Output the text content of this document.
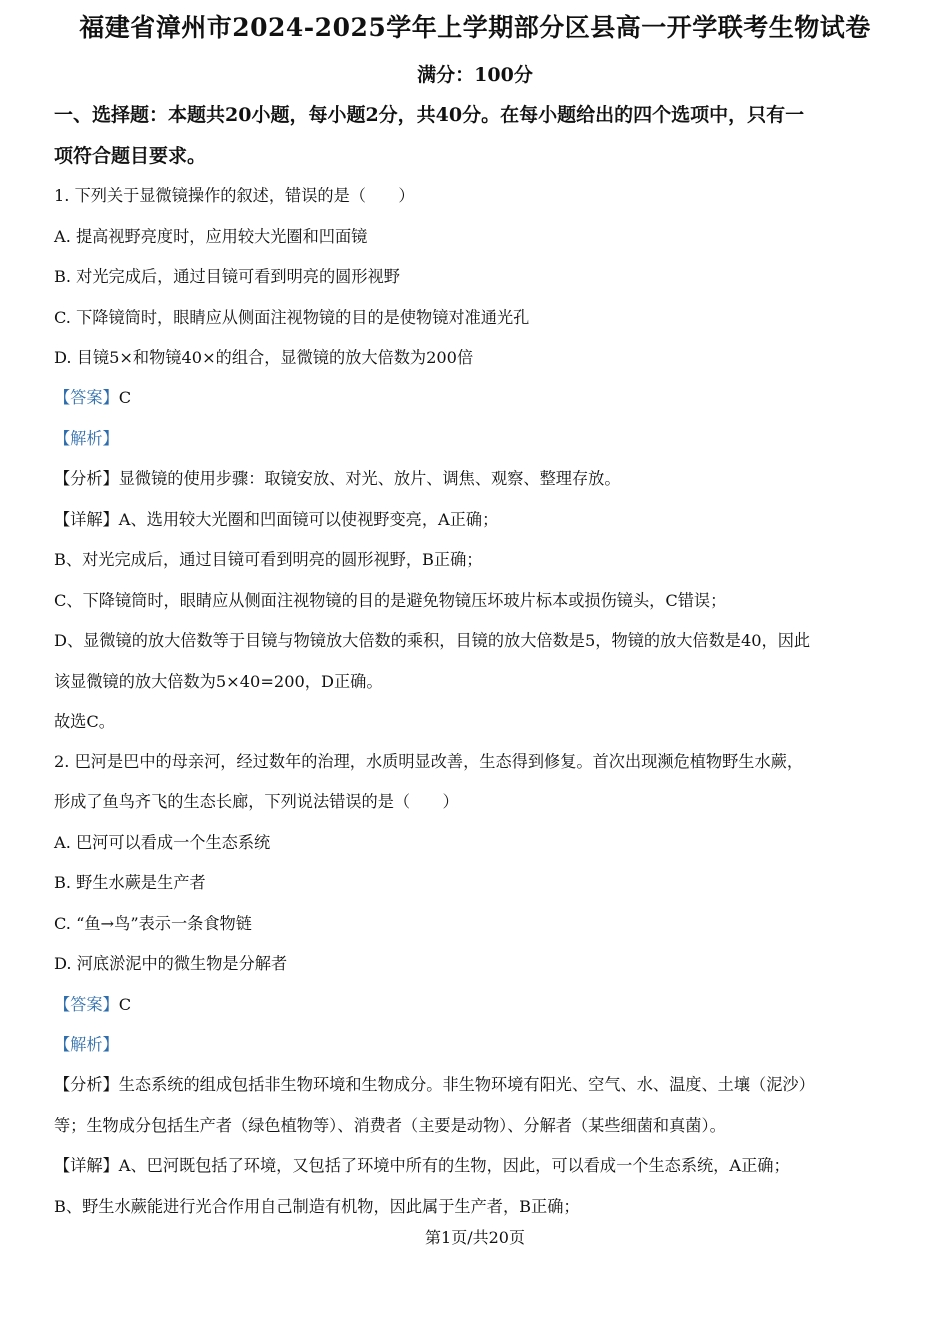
福建省漳州市2024-2025学年上学期部分区县高一开学联考生物试卷
满分：100分
一、选择题：本题共20小题，每小题2分，共40分。在每小题给出的四个选项中，只有一
项符合题目要求。
1. 下列关于显微镜操作的叙述，错误的是（　　）
A. 提高视野亮度时，应用较大光圈和凹面镜
B. 对光完成后，通过目镜可看到明亮的圆形视野
C. 下降镜筒时，眼睛应从侧面注视物镜的目的是使物镜对准通光孔
D. 目镜5×和物镜40×的组合，显微镜的放大倍数为200倍
【答案】C
【解析】
【分析】显微镜的使用步骤：取镜安放、对光、放片、调焦、观察、整理存放。
【详解】A、选用较大光圈和凹面镜可以使视野变亮，A正确；
B、对光完成后，通过目镜可看到明亮的圆形视野，B正确；
C、下降镜筒时，眼睛应从侧面注视物镜的目的是避免物镜压坏玻片标本或损伤镜头，C错误；
D、显微镜的放大倍数等于目镜与物镜放大倍数的乘积，目镜的放大倍数是5，物镜的放大倍数是40，因此
该显微镜的放大倍数为5×40=200，D正确。
故选C。
2. 巴河是巴中的母亲河，经过数年的治理，水质明显改善，生态得到修复。首次出现濒危植物野生水蕨，
形成了鱼鸟齐飞的生态长廊，下列说法错误的是（　　）
A. 巴河可以看成一个生态系统
B. 野生水蕨是生产者
C. “鱼→鸟”表示一条食物链
D. 河底淤泥中的微生物是分解者
【答案】C
【解析】
【分析】生态系统的组成包括非生物环境和生物成分。非生物环境有阳光、空气、水、温度、土壤（泥沙）
等；生物成分包括生产者（绿色植物等）、消费者（主要是动物）、分解者（某些细菌和真菌）。
【详解】A、巴河既包括了环境，又包括了环境中所有的生物，因此，可以看成一个生态系统，A正确；
B、野生水蕨能进行光合作用自己制造有机物，因此属于生产者，B正确；
第1页/共20页
